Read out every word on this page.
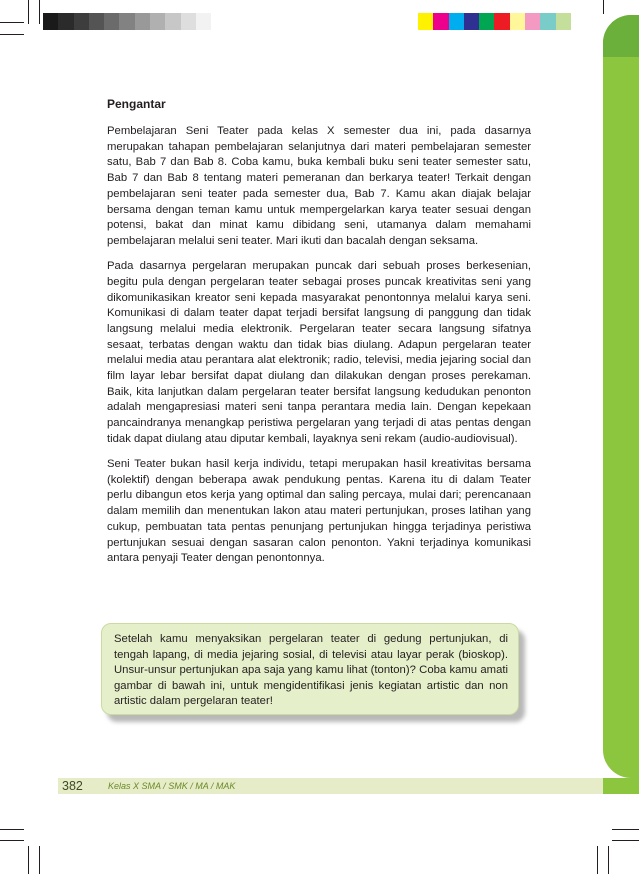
Pengantar

Pembelajaran Seni Teater pada kelas X semester dua ini, pada dasarnya merupakan tahapan pembelajaran selanjutnya dari materi pembelajaran semester satu, Bab 7 dan Bab 8. Coba kamu, buka kembali buku seni teater semester satu, Bab 7 dan Bab 8 tentang materi pemeranan dan berkarya teater! Terkait dengan pembelajaran seni teater pada semester dua, Bab 7. Kamu akan diajak belajar bersama dengan teman kamu untuk mempergelarkan karya teater sesuai dengan potensi, bakat dan minat kamu dibidang seni, utamanya dalam memahami pembelajaran melalui seni teater. Mari ikuti dan bacalah dengan seksama.

Pada dasarnya pergelaran merupakan puncak dari sebuah proses berkesenian, begitu pula dengan pergelaran teater sebagai proses puncak kreativitas seni yang dikomunikasikan kreator seni kepada masyarakat penontonnya melalui karya seni. Komunikasi di dalam teater dapat terjadi bersifat langsung di panggung dan tidak langsung melalui media elektronik. Pergelaran teater secara langsung sifatnya sesaat, terbatas dengan waktu dan tidak bias diulang. Adapun pergelaran teater melalui media atau perantara alat elektronik; radio, televisi, media jejaring social dan film layar lebar bersifat dapat diulang dan dilakukan dengan proses perekaman. Baik, kita lanjutkan dalam pergelaran teater bersifat langsung kedudukan penonton adalah mengapresiasi materi seni tanpa perantara media lain. Dengan kepekaan pancaindranya menangkap peristiwa pergelaran yang terjadi di atas pentas dengan tidak dapat diulang atau diputar kembali, layaknya seni rekam (audio-audiovisual).

Seni Teater bukan hasil kerja individu, tetapi merupakan hasil kreativitas bersama (kolektif) dengan beberapa awak pendukung pentas. Karena itu di dalam Teater perlu dibangun etos kerja yang optimal dan saling percaya, mulai dari; perencanaan dalam memilih dan menentukan lakon atau materi pertunjukan, proses latihan yang cukup, pembuatan tata pentas penunjang pertunjukan hingga terjadinya peristiwa pertunjukan sesuai dengan sasaran calon penonton. Yakni terjadinya komunikasi antara penyaji Teater dengan penontonnya.

Setelah kamu menyaksikan pergelaran teater di gedung pertunjukan, di tengah lapang, di media jejaring sosial, di televisi atau layar perak (bioskop). Unsur-unsur pertunjukan apa saja yang kamu lihat (tonton)? Coba kamu amati gambar di bawah ini, untuk mengidentifikasi jenis kegiatan artistic dan non artistic dalam pergelaran teater!

382	Kelas X SMA / SMK / MA / MAK
